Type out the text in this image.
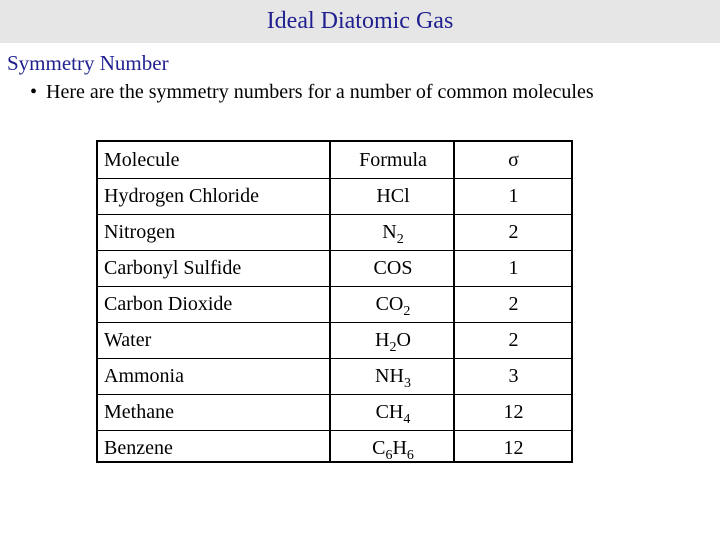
Ideal Diatomic Gas
Symmetry Number
• Here are the symmetry numbers for a number of common molecules
Molecule	Formula	σ
Hydrogen Chloride	HCl	1
Nitrogen	$N_2$	2
Carbonyl Sulfide	COS	1
Carbon Dioxide	$CO_2$	2
Water	$H_2O$	2
Ammonia	$NH_3$	3
Methane	$CH_4$	12
Benzene	$C_6H_6$	12
